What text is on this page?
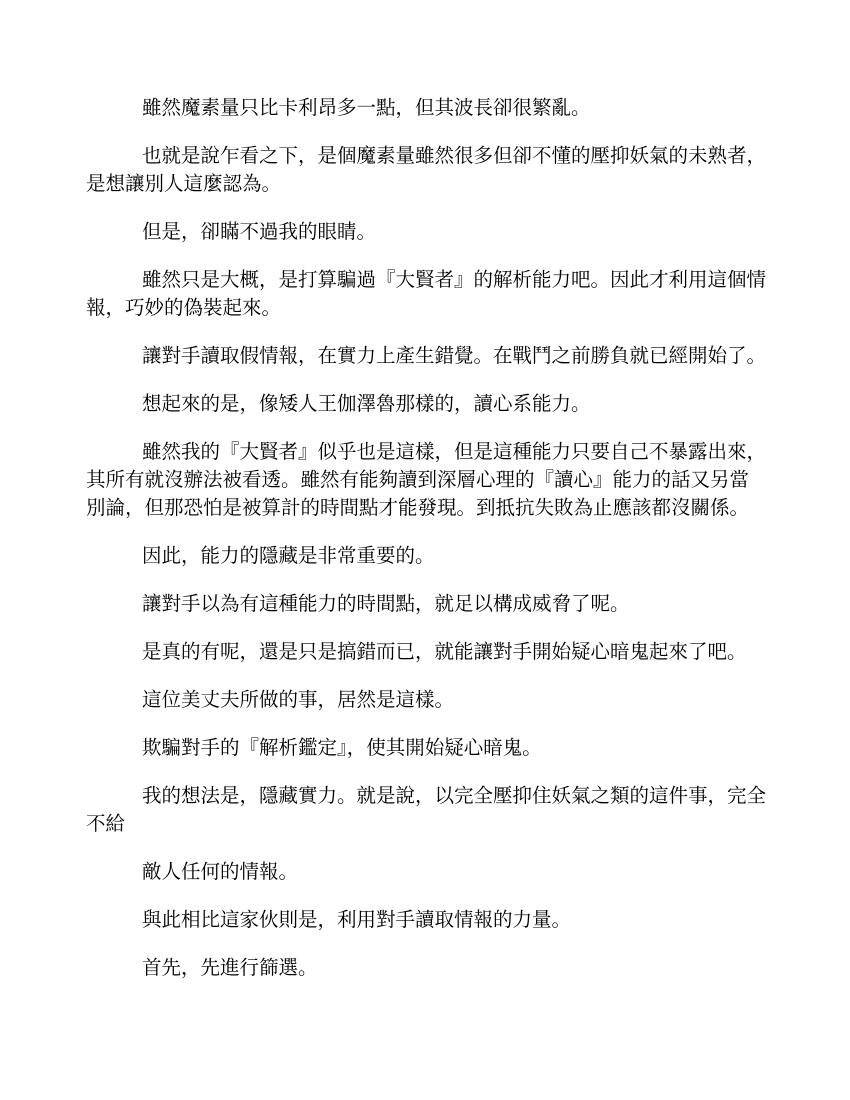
雖然魔素量只比卡利昂多一點，但其波長卻很繁亂。

也就是說乍看之下，是個魔素量雖然很多但卻不懂的壓抑妖氣的未熟者，是想讓別人這麼認為。

但是，卻瞞不過我的眼睛。

雖然只是大概，是打算騙過『大賢者』的解析能力吧。因此才利用這個情報，巧妙的偽裝起來。

讓對手讀取假情報，在實力上產生錯覺。在戰鬥之前勝負就已經開始了。

想起來的是，像矮人王伽澤魯那樣的，讀心系能力。

雖然我的『大賢者』似乎也是這樣，但是這種能力只要自己不暴露出來，其所有就沒辦法被看透。雖然有能夠讀到深層心理的『讀心』能力的話又另當別論，但那恐怕是被算計的時間點才能發現。到抵抗失敗為止應該都沒關係。

因此，能力的隱藏是非常重要的。

讓對手以為有這種能力的時間點，就足以構成威脅了呢。

是真的有呢，還是只是搞錯而已，就能讓對手開始疑心暗鬼起來了吧。

這位美丈夫所做的事，居然是這樣。

欺騙對手的『解析鑑定』，使其開始疑心暗鬼。

我的想法是，隱藏實力。就是說，以完全壓抑住妖氣之類的這件事，完全不給

敵人任何的情報。

與此相比這家伙則是，利用對手讀取情報的力量。

首先，先進行篩選。
